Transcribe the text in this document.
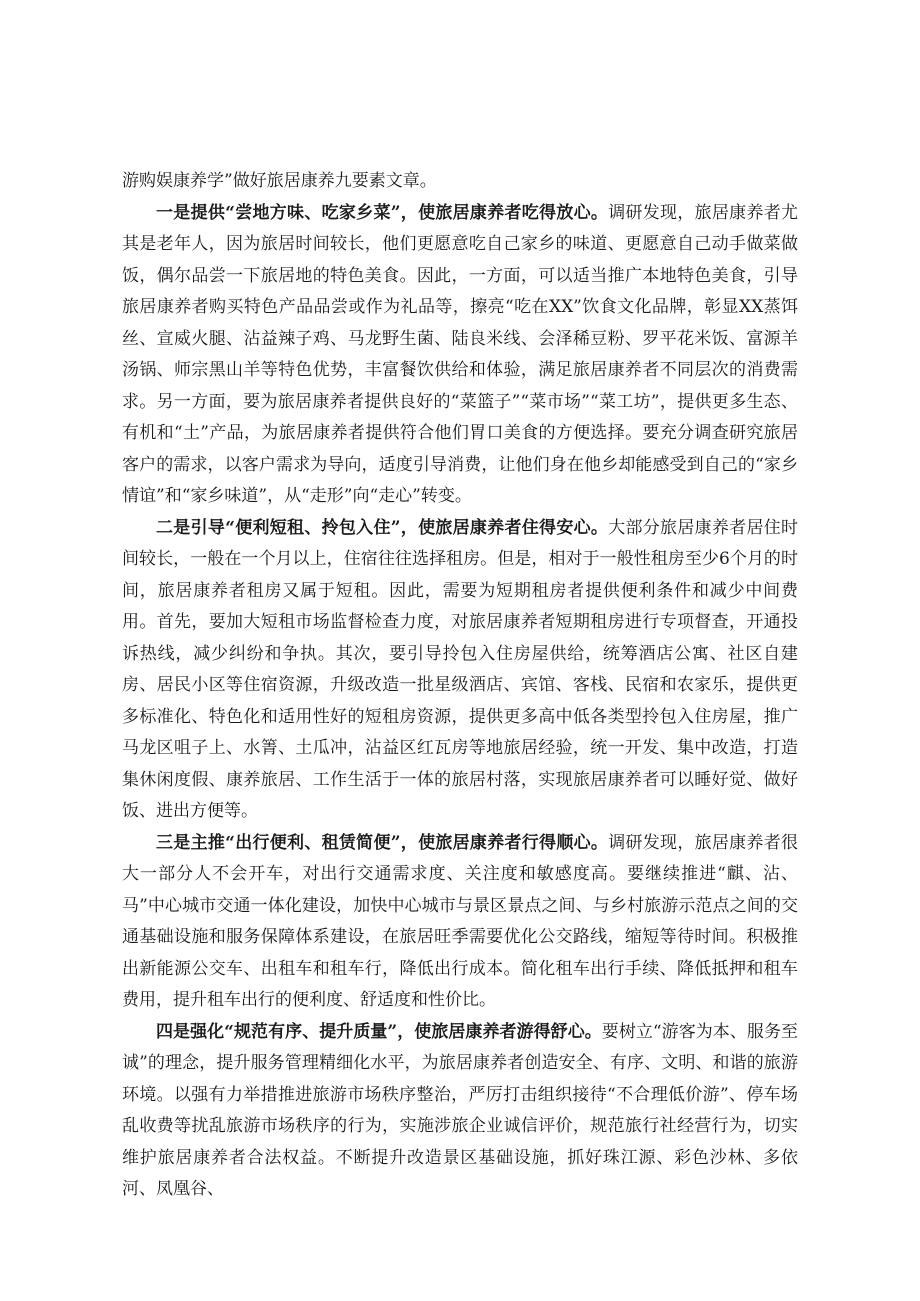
游购娱康养学”做好旅居康养九要素文章。

一是提供“尝地方味、吃家乡菜”，使旅居康养者吃得放心。调研发现，旅居康养者尤其是老年人，因为旅居时间较长，他们更愿意吃自己家乡的味道、更愿意自己动手做菜做饭，偶尔品尝一下旅居地的特色美食。因此，一方面，可以适当推广本地特色美食，引导旅居康养者购买特色产品品尝或作为礼品等，擦亮“吃在XX”饮食文化品牌，彰显XX蒸饵丝、宣威火腿、沾益辣子鸡、马龙野生菌、陆良米线、会泽稀豆粉、罗平花米饭、富源羊汤锅、师宗黑山羊等特色优势，丰富餐饮供给和体验，满足旅居康养者不同层次的消费需求。另一方面，要为旅居康养者提供良好的“菜篮子”“菜市场”“菜工坊”，提供更多生态、有机和“土”产品，为旅居康养者提供符合他们胃口美食的方便选择。要充分调查研究旅居客户的需求，以客户需求为导向，适度引导消费，让他们身在他乡却能感受到自己的“家乡情谊”和“家乡味道”，从“走形”向“走心”转变。

二是引导“便利短租、拎包入住”，使旅居康养者住得安心。大部分旅居康养者居住时间较长，一般在一个月以上，住宿往往选择租房。但是，相对于一般性租房至少6个月的时间，旅居康养者租房又属于短租。因此，需要为短期租房者提供便利条件和减少中间费用。首先，要加大短租市场监督检查力度，对旅居康养者短期租房进行专项督查，开通投诉热线，减少纠纷和争执。其次，要引导拎包入住房屋供给，统筹酒店公寓、社区自建房、居民小区等住宿资源，升级改造一批星级酒店、宾馆、客栈、民宿和农家乐，提供更多标准化、特色化和适用性好的短租房资源，提供更多高中低各类型拎包入住房屋，推广马龙区咀子上、水箐、土瓜冲，沾益区红瓦房等地旅居经验，统一开发、集中改造，打造集休闲度假、康养旅居、工作生活于一体的旅居村落，实现旅居康养者可以睡好觉、做好饭、进出方便等。

三是主推“出行便利、租赁简便”，使旅居康养者行得顺心。调研发现，旅居康养者很大一部分人不会开车，对出行交通需求度、关注度和敏感度高。要继续推进“麒、沾、马”中心城市交通一体化建设，加快中心城市与景区景点之间、与乡村旅游示范点之间的交通基础设施和服务保障体系建设，在旅居旺季需要优化公交路线，缩短等待时间。积极推出新能源公交车、出租车和租车行，降低出行成本。简化租车出行手续、降低抵押和租车费用，提升租车出行的便利度、舒适度和性价比。

四是强化“规范有序、提升质量”，使旅居康养者游得舒心。要树立“游客为本、服务至诚”的理念，提升服务管理精细化水平，为旅居康养者创造安全、有序、文明、和谐的旅游环境。以强有力举措推进旅游市场秩序整治，严厉打击组织接待“不合理低价游”、停车场乱收费等扰乱旅游市场秩序的行为，实施涉旅企业诚信评价，规范旅行社经营行为，切实维护旅居康养者合法权益。不断提升改造景区基础设施，抓好珠江源、彩色沙林、多依河、凤凰谷、
